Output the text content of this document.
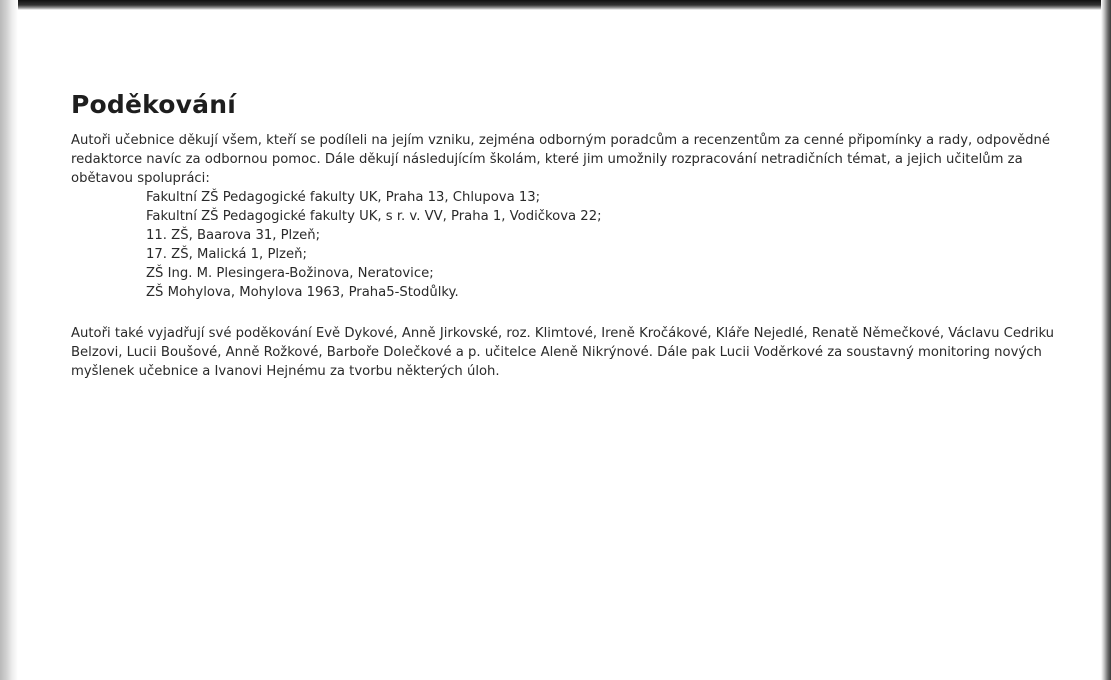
Poděkování

Autoři učebnice děkují všem, kteří se podíleli na jejím vzniku, zejména odborným poradcům a recenzentům za cenné připomínky a rady, odpovědné redaktorce navíc za odbornou pomoc. Dále děkují následujícím školám, které jim umožnily rozpracování netradičních témat, a jejich učitelům za obětavou spolupráci:

Fakultní ZŠ Pedagogické fakulty UK, Praha 13, Chlupova 13;
Fakultní ZŠ Pedagogické fakulty UK, s r. v. VV, Praha 1, Vodičkova 22;
11. ZŠ, Baarova 31, Plzeň;
17. ZŠ, Malická 1, Plzeň;
ZŠ Ing. M. Plesingera-Božinova, Neratovice;
ZŠ Mohylova, Mohylova 1963, Praha5-Stodůlky.

Autoři také vyjadřují své poděkování Evě Dykové, Anně Jirkovské, roz. Klimtové, Ireně Kročákové, Kláře Nejedlé, Renatě Němečkové, Václavu Cedriku Belzovi, Lucii Boušové, Anně Rožkové, Barboře Dolečkové a p. učitelce Aleně Nikrýnové. Dále pak Lucii Voděrkové za soustavný monitoring nových myšlenek učebnice a Ivanovi Hejnému za tvorbu některých úloh.
